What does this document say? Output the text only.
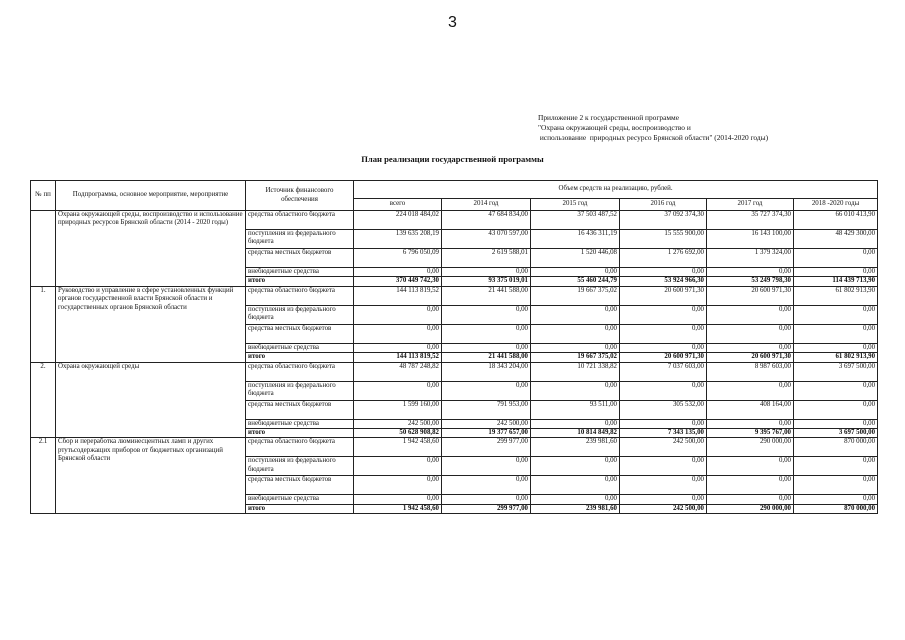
3
Приложение 2 к государственной программе
"Охрана окружающей среды, воспроизводство и
использование  природных ресурсо Брянской области" (2014-2020 годы)
План реализации государственной программы
№ пп	Подпрограмма, основное мероприятие, мероприятие	Источник финансового обеспечения	Объем средств на реализацию, рублей.					
			всего	2014 год	2015 год	2016 год	2017 год	2018 -2020 годы
	Охрана окружающей среды, воспроизводство и использование природных ресурсов Брянской области (2014 - 2020 годы)	средства областного бюджета	224 018 484,02	47 684 834,00	37 503 487,52	37 092 374,30	35 727 374,30	66 010 413,90
		поступления из федерального бюджета	139 635 208,19	43 070 597,00	16 436 311,19	15 555 900,00	16 143 100,00	48 429 300,00
		средства местных бюджетов	6 796 050,09	2 619 588,01	1 520 446,08	1 276 692,00	1 379 324,00	0,00
		внебюджетные средства	0,00	0,00	0,00	0,00	0,00	0,00
		итого	370 449 742,30	93 375 019,01	55 460 244,79	53 924 966,30	53 249 798,30	114 439 713,90
1.	Руководство и управление в сфере установленных функций органов государственной власти Брянской области и государственных органов Брянской области	средства областного бюджета	144 113 819,52	21 441 588,00	19 667 375,02	20 600 971,30	20 600 971,30	61 802 913,90
		поступления из федерального бюджета	0,00	0,00	0,00	0,00	0,00	0,00
		средства местных бюджетов	0,00	0,00	0,00	0,00	0,00	0,00
		внебюджетные средства	0,00	0,00	0,00	0,00	0,00	0,00
		итого	144 113 819,52	21 441 588,00	19 667 375,02	20 600 971,30	20 600 971,30	61 802 913,90
2.	Охрана окружающей среды	средства областного бюджета	48 787 248,82	18 343 204,00	10 721 338,82	7 037 603,00	8 987 603,00	3 697 500,00
		поступления из федерального бюджета	0,00	0,00	0,00	0,00	0,00	0,00
		средства местных бюджетов	1 599 160,00	791 953,00	93 511,00	305 532,00	408 164,00	0,00
		внебюджетные средства	242 500,00	242 500,00	0,00	0,00	0,00	0,00
		итого	50 628 908,82	19 377 657,00	10 814 849,82	7 343 135,00	9 395 767,00	3 697 500,00
2.1	Сбор и переработка люминесцентных ламп и других ртутьсодержащих приборов от бюджетных организаций Брянской области	средства областного бюджета	1 942 458,60	299 977,00	239 981,60	242 500,00	290 000,00	870 000,00
		поступления из федерального бюджета	0,00	0,00	0,00	0,00	0,00	0,00
		средства местных бюджетов	0,00	0,00	0,00	0,00	0,00	0,00
		внебюджетные средства	0,00	0,00	0,00	0,00	0,00	0,00
		итого	1 942 458,60	299 977,00	239 981,60	242 500,00	290 000,00	870 000,00
